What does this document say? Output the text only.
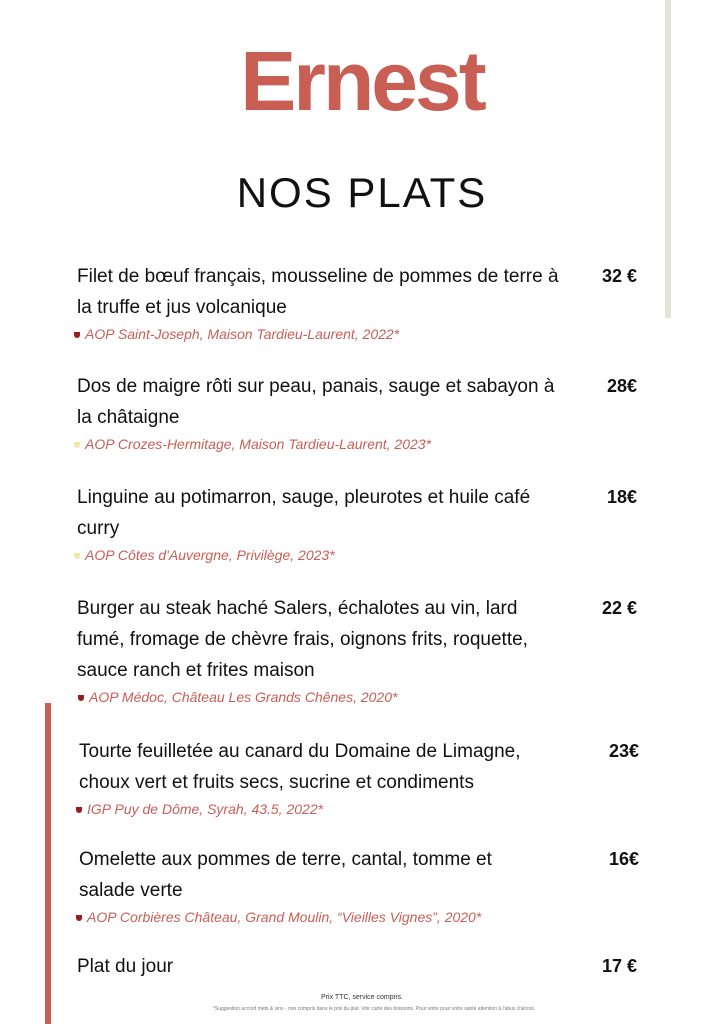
Ernest
NOS PLATS
Filet de bœuf français, mousseline de pommes de terre à la truffe et jus volcanique
32 €
AOP Saint-Joseph, Maison Tardieu-Laurent, 2022*
Dos de maigre rôti sur peau, panais, sauge et sabayon à la châtaigne
28€
AOP Crozes-Hermitage, Maison Tardieu-Laurent, 2023*
Linguine au potimarron, sauge, pleurotes et huile café curry
18€
AOP Côtes d'Auvergne, Privilège, 2023*
Burger au steak haché Salers, échalotes au vin, lard fumé, fromage de chèvre frais, oignons frits, roquette, sauce ranch et frites maison
22 €
AOP Médoc, Château Les Grands Chênes, 2020*
Tourte feuilletée au canard du Domaine de Limagne, choux vert et fruits secs, sucrine et condiments
23€
IGP Puy de Dôme, Syrah, 43.5, 2022*
Omelette aux pommes de terre, cantal, tomme et salade verte
16€
AOP Corbières Château, Grand Moulin, “Vieilles Vignes”, 2020*
Plat du jour	17 €
Prix TTC, service compris.
*Suggestion accord mets & vins - non compris dans le prix du plat. Voir carte des boissons. Pour votre pour votre santé attention à l'abus d'alcool.
